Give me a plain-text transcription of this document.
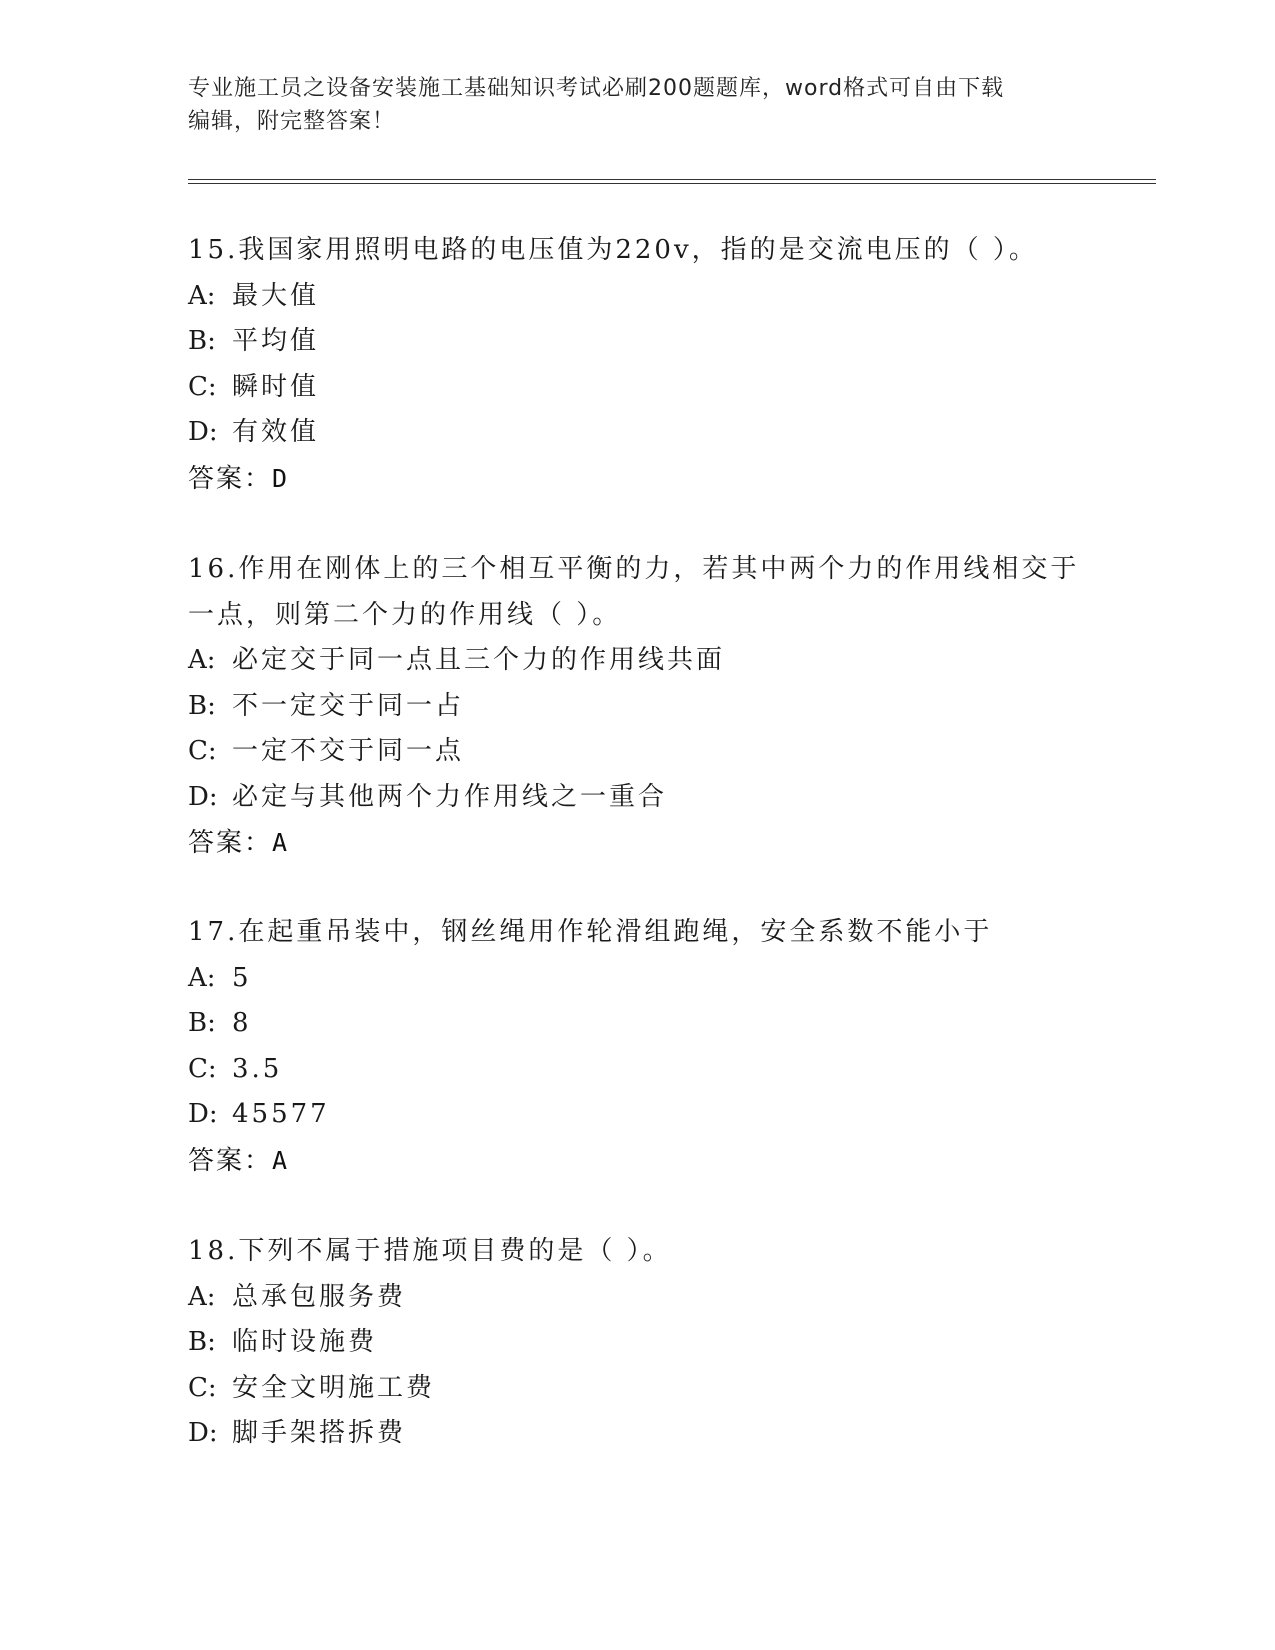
专业施工员之设备安装施工基础知识考试必刷200题题库，word格式可自由下载
编辑，附完整答案！

15.我国家用照明电路的电压值为220v，指的是交流电压的（ ）。

A: 最大值

B: 平均值

C: 瞬时值

D: 有效值

答案：D

16.作用在刚体上的三个相互平衡的力，若其中两个力的作用线相交于

一点，则第二个力的作用线（ ）。

A: 必定交于同一点且三个力的作用线共面

B: 不一定交于同一占

C: 一定不交于同一点

D: 必定与其他两个力作用线之一重合

答案：A

17.在起重吊装中，钢丝绳用作轮滑组跑绳，安全系数不能小于

A: 5

B: 8

C: 3.5

D: 45577

答案：A

18.下列不属于措施项目费的是（ ）。

A: 总承包服务费

B: 临时设施费

C: 安全文明施工费

D: 脚手架搭拆费
